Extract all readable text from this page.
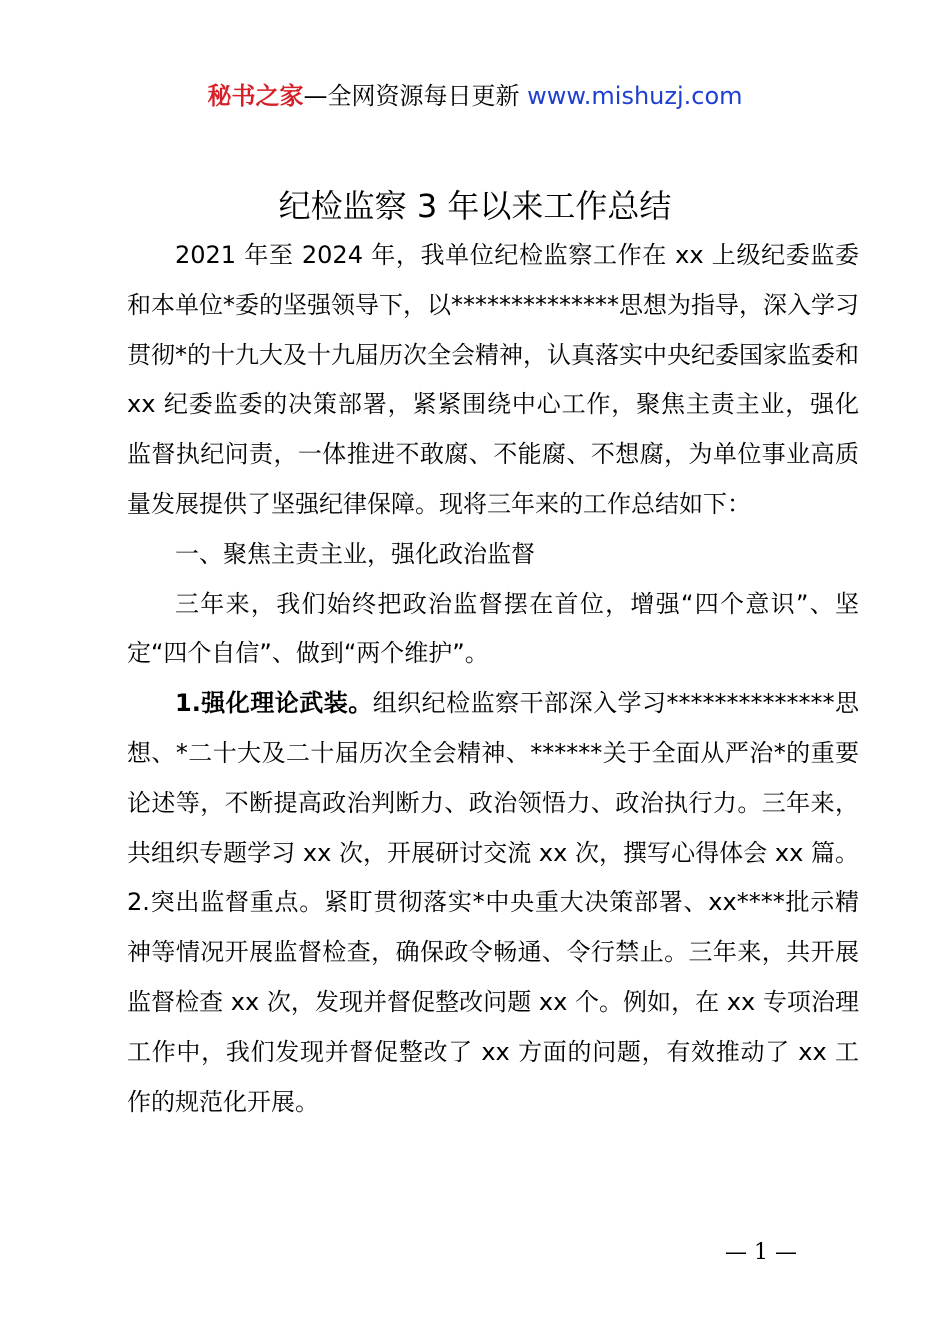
秘书之家—全网资源每日更新 www.mishuzj.com
纪检监察 3 年以来工作总结

2021 年至 2024 年，我单位纪检监察工作在 xx 上级纪委监委和本单位*委的坚强领导下，以**************思想为指导，深入学习贯彻*的十九大及十九届历次全会精神，认真落实中央纪委国家监委和 xx 纪委监委的决策部署，紧紧围绕中心工作，聚焦主责主业，强化监督执纪问责，一体推进不敢腐、不能腐、不想腐，为单位事业高质量发展提供了坚强纪律保障。现将三年来的工作总结如下：

一、聚焦主责主业，强化政治监督

三年来，我们始终把政治监督摆在首位，增强“四个意识”、坚定“四个自信”、做到“两个维护”。

1.强化理论武装。组织纪检监察干部深入学习**************思想、*二十大及二十届历次全会精神、******关于全面从严治*的重要论述等，不断提高政治判断力、政治领悟力、政治执行力。三年来，共组织专题学习 xx 次，开展研讨交流 xx 次，撰写心得体会 xx 篇。2.突出监督重点。紧盯贯彻落实*中央重大决策部署、xx****批示精神等情况开展监督检查，确保政令畅通、令行禁止。三年来，共开展监督检查 xx 次，发现并督促整改问题 xx 个。例如，在 xx 专项治理工作中，我们发现并督促整改了 xx 方面的问题，有效推动了 xx 工作的规范化开展。

— 1 —
